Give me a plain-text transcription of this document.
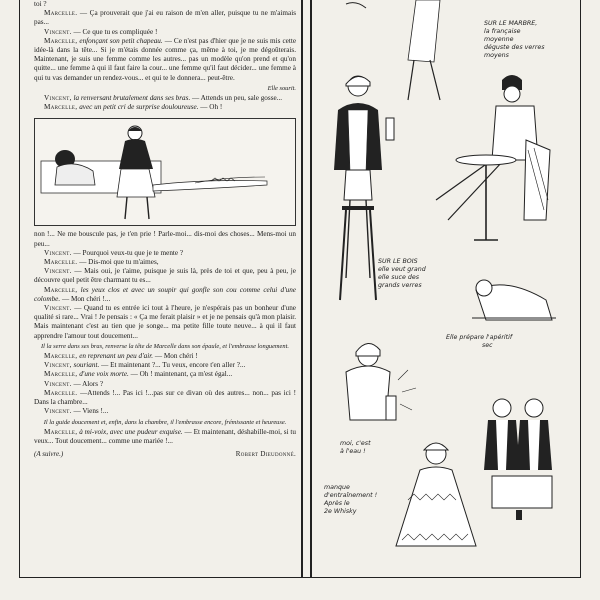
toi ?

Marcelle. — Ça prouverait que j'ai eu raison de m'en aller, puisque tu ne m'aimais pas...

Vincent. — Ce que tu es compliquée !

Marcelle, enfonçant son petit chapeau. — Ce n'est pas d'hier que je ne suis mis cette idée-là dans la tête... Si je m'étais donnée comme ça, même à toi, je me dégoûterais. Maintenant, je suis une femme comme les autres... pas un modèle qu'on prend et qu'on quitte... une femme à qui il faut faire la cour... une femme qu'il faut décider... une femme à qui tu vas demander un rendez-vous... et qui te le donnera... peut-être.

Elle sourit.

Vincent, la renversant brutalement dans ses bras. — Attends un peu, sale gosse...

Marcelle, avec un petit cri de surprise douloureuse. — Oh !

non !... Ne me bouscule pas, je t'en prie ! Parle-moi... dis-moi des choses... Mens-moi un peu...

Vincent. — Pourquoi veux-tu que je te mente ?

Marcelle. — Dis-moi que tu m'aimes,

Vincent. — Mais oui, je t'aime, puisque je suis là, près de toi et que, peu à peu, je découvre quel petit être charmant tu es...

Marcelle, les yeux clos et avec un soupir qui gonfle son cou comme celui d'une colombe. — Mon chéri !...

Vincent. — Quand tu es entrée ici tout à l'heure, je n'espérais pas un bonheur d'une qualité si rare... Vrai ! Je pensais : « Ça me ferait plaisir » et je ne pensais qu'à mon plaisir. Mais maintenant c'est au tien que je songe... ma petite fille toute neuve... à qui il faut apprendre l'amour tout doucement...

Il la serre dans ses bras, renverse la tête de Marcelle dans son épaule, et l'embrasse longuement.

Marcelle, en reprenant un peu d'air. — Mon chéri !

Vincent, souriant. — Et maintenant ?... Tu veux, encore t'en aller ?...

Marcelle, d'une voix morte. — Oh ! maintenant, ça m'est égal...

Vincent. — Alors ?

Marcelle. —Attends !... Pas ici !...pas sur ce divan où des autres... non... pas ici ! Dans la chambre...

Vincent. — Viens !...

Il la guide doucement et, enfin, dans la chambre, il l'embrasse encore, frémissante et heureuse.

Marcelle, à mi-voix, avec une pudeur exquise. — Et maintenant, déshabille-moi, si tu veux... Tout doucement... comme une mariée !...

(A suivre.)	Robert Dieudonné.
SUR LE MARBRE,
la française
moyenne
déguste des verres
moyens
SUR LE BOIS
elle veut grand
elle suce des
grands verres
Elle prépare l'apéritif
sec
moi, c'est
à l'eau !
manque
d'entraînement !
Après le
2e Whisky
